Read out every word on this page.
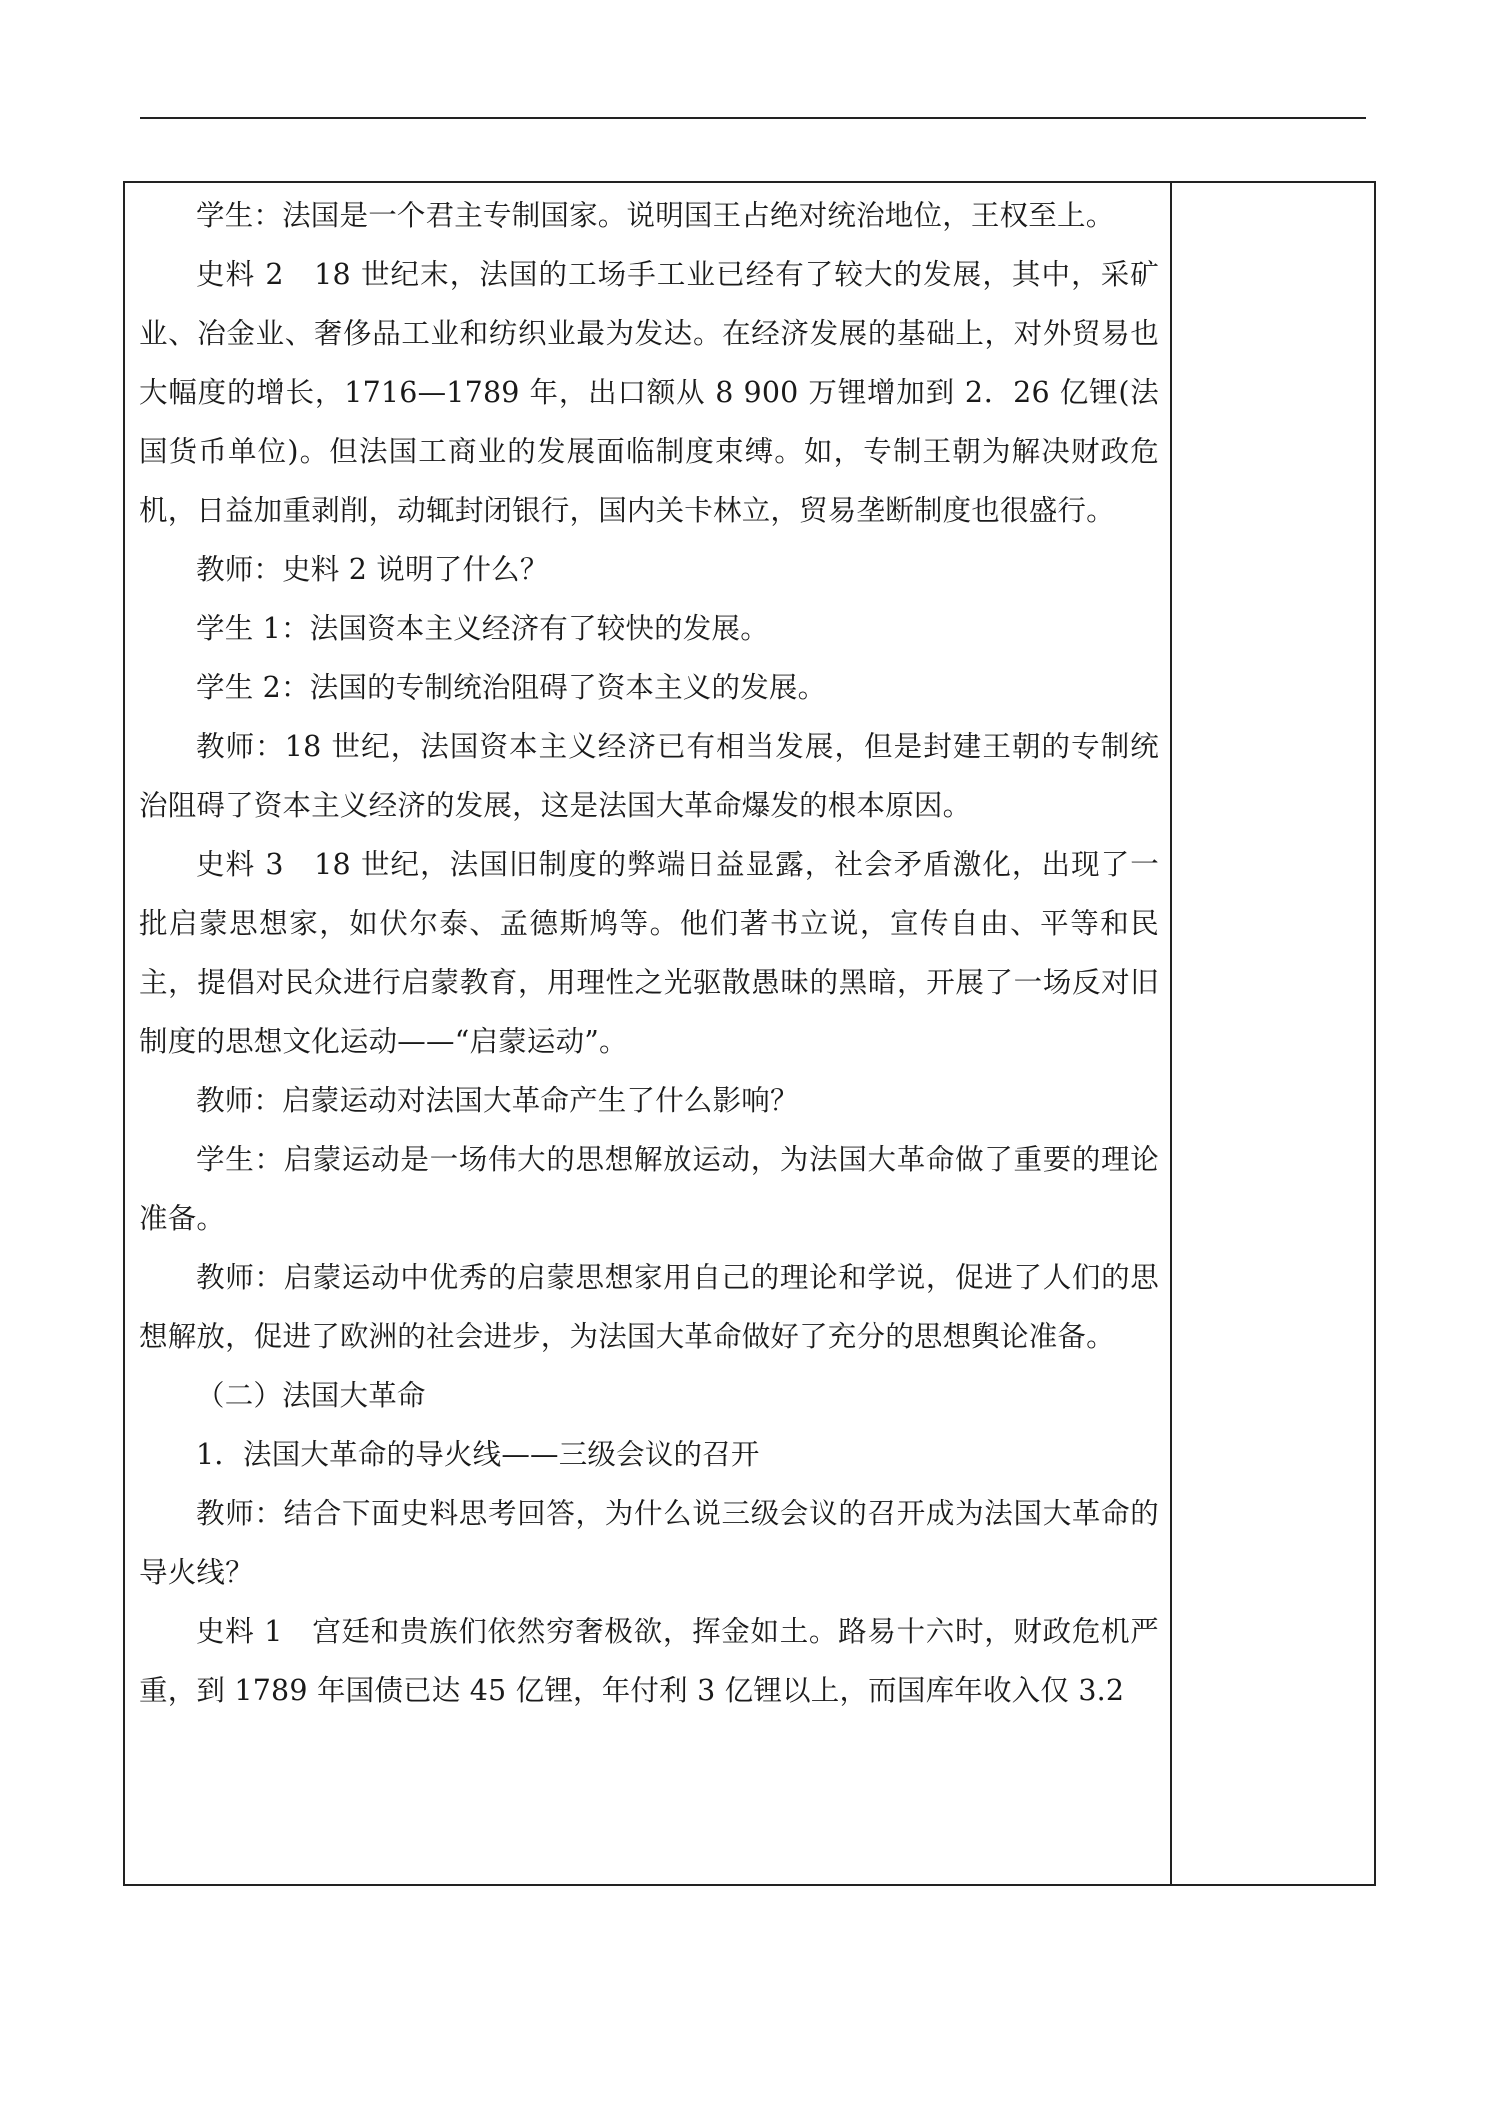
学生：法国是一个君主专制国家。说明国王占绝对统治地位，王权至上。

史料 2　18 世纪末，法国的工场手工业已经有了较大的发展，其中，采矿业、冶金业、奢侈品工业和纺织业最为发达。在经济发展的基础上，对外贸易也大幅度的增长，1716—1789 年，出口额从 8 900 万锂增加到 2．26 亿锂(法国货币单位)。但法国工商业的发展面临制度束缚。如，专制王朝为解决财政危机，日益加重剥削，动辄封闭银行，国内关卡林立，贸易垄断制度也很盛行。

教师：史料 2 说明了什么？

学生 1：法国资本主义经济有了较快的发展。

学生 2：法国的专制统治阻碍了资本主义的发展。

教师：18 世纪，法国资本主义经济已有相当发展，但是封建王朝的专制统治阻碍了资本主义经济的发展，这是法国大革命爆发的根本原因。

史料 3　18 世纪，法国旧制度的弊端日益显露，社会矛盾激化，出现了一批启蒙思想家，如伏尔泰、孟德斯鸠等。他们著书立说，宣传自由、平等和民主，提倡对民众进行启蒙教育，用理性之光驱散愚昧的黑暗，开展了一场反对旧制度的思想文化运动——“启蒙运动”。

教师：启蒙运动对法国大革命产生了什么影响？

学生：启蒙运动是一场伟大的思想解放运动，为法国大革命做了重要的理论准备。

教师：启蒙运动中优秀的启蒙思想家用自己的理论和学说，促进了人们的思想解放，促进了欧洲的社会进步，为法国大革命做好了充分的思想舆论准备。

（二）法国大革命

1．法国大革命的导火线——三级会议的召开

教师：结合下面史料思考回答，为什么说三级会议的召开成为法国大革命的导火线？

史料 1　宫廷和贵族们依然穷奢极欲，挥金如土。路易十六时，财政危机严重，到 1789 年国债已达 45 亿锂，年付利 3 亿锂以上，而国库年收入仅 3.2
